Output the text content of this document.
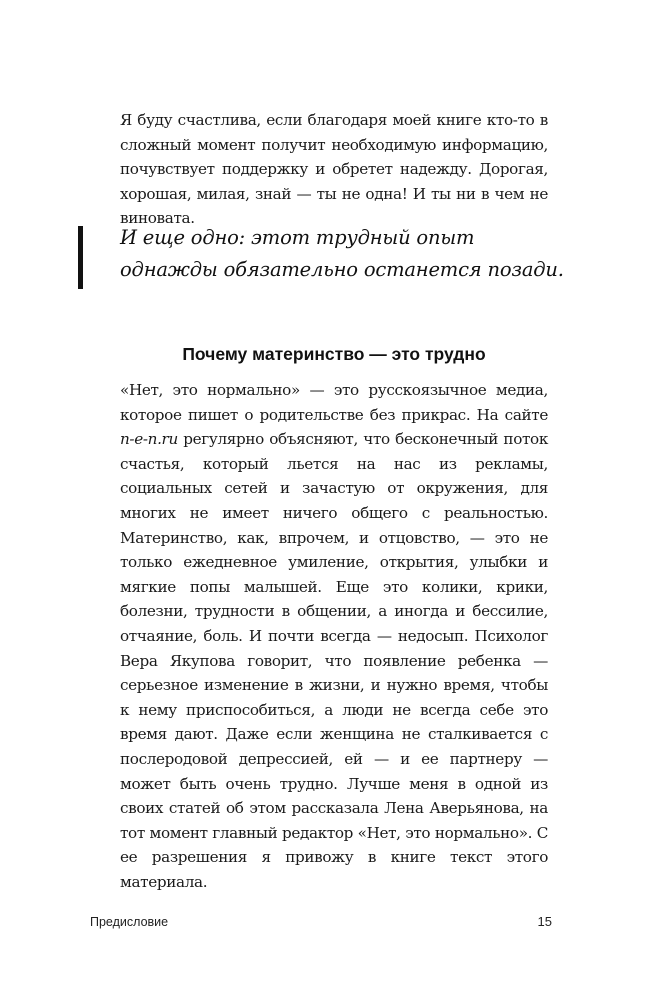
Я буду счастлива, если благодаря моей книге кто-то в сложный момент получит необходимую информацию, почувствует поддержку и обретет надежду. Дорогая, хорошая, милая, знай — ты не одна! И ты ни в чем не виновата.

И еще одно: этот трудный опыт однажды обязательно останется позади.

Почему материнство — это трудно

«Нет, это нормально» — это русскоязычное медиа, которое пишет о родительстве без прикрас. На сайте n-e-n.ru регулярно объясняют, что бесконечный поток счастья, который льется на нас из рекламы, социальных сетей и зачастую от окружения, для многих не имеет ничего общего с реальностью. Материнство, как, впрочем, и отцовство, — это не только ежедневное умиление, открытия, улыбки и мягкие попы малышей. Еще это колики, крики, болезни, трудности в общении, а иногда и бессилие, отчаяние, боль. И почти всегда — недосып. Психолог Вера Якупова говорит, что появление ребенка — серьезное изменение в жизни, и нужно время, чтобы к нему приспособиться, а люди не всегда себе это время дают. Даже если женщина не сталкивается с послеродовой депрессией, ей — и ее партнеру — может быть очень трудно. Лучше меня в одной из своих статей об этом рассказала Лена Аверьянова, на тот момент главный редактор «Нет, это нормально». С ее разрешения я привожу в книге текст этого материала.

Предисловие	15
